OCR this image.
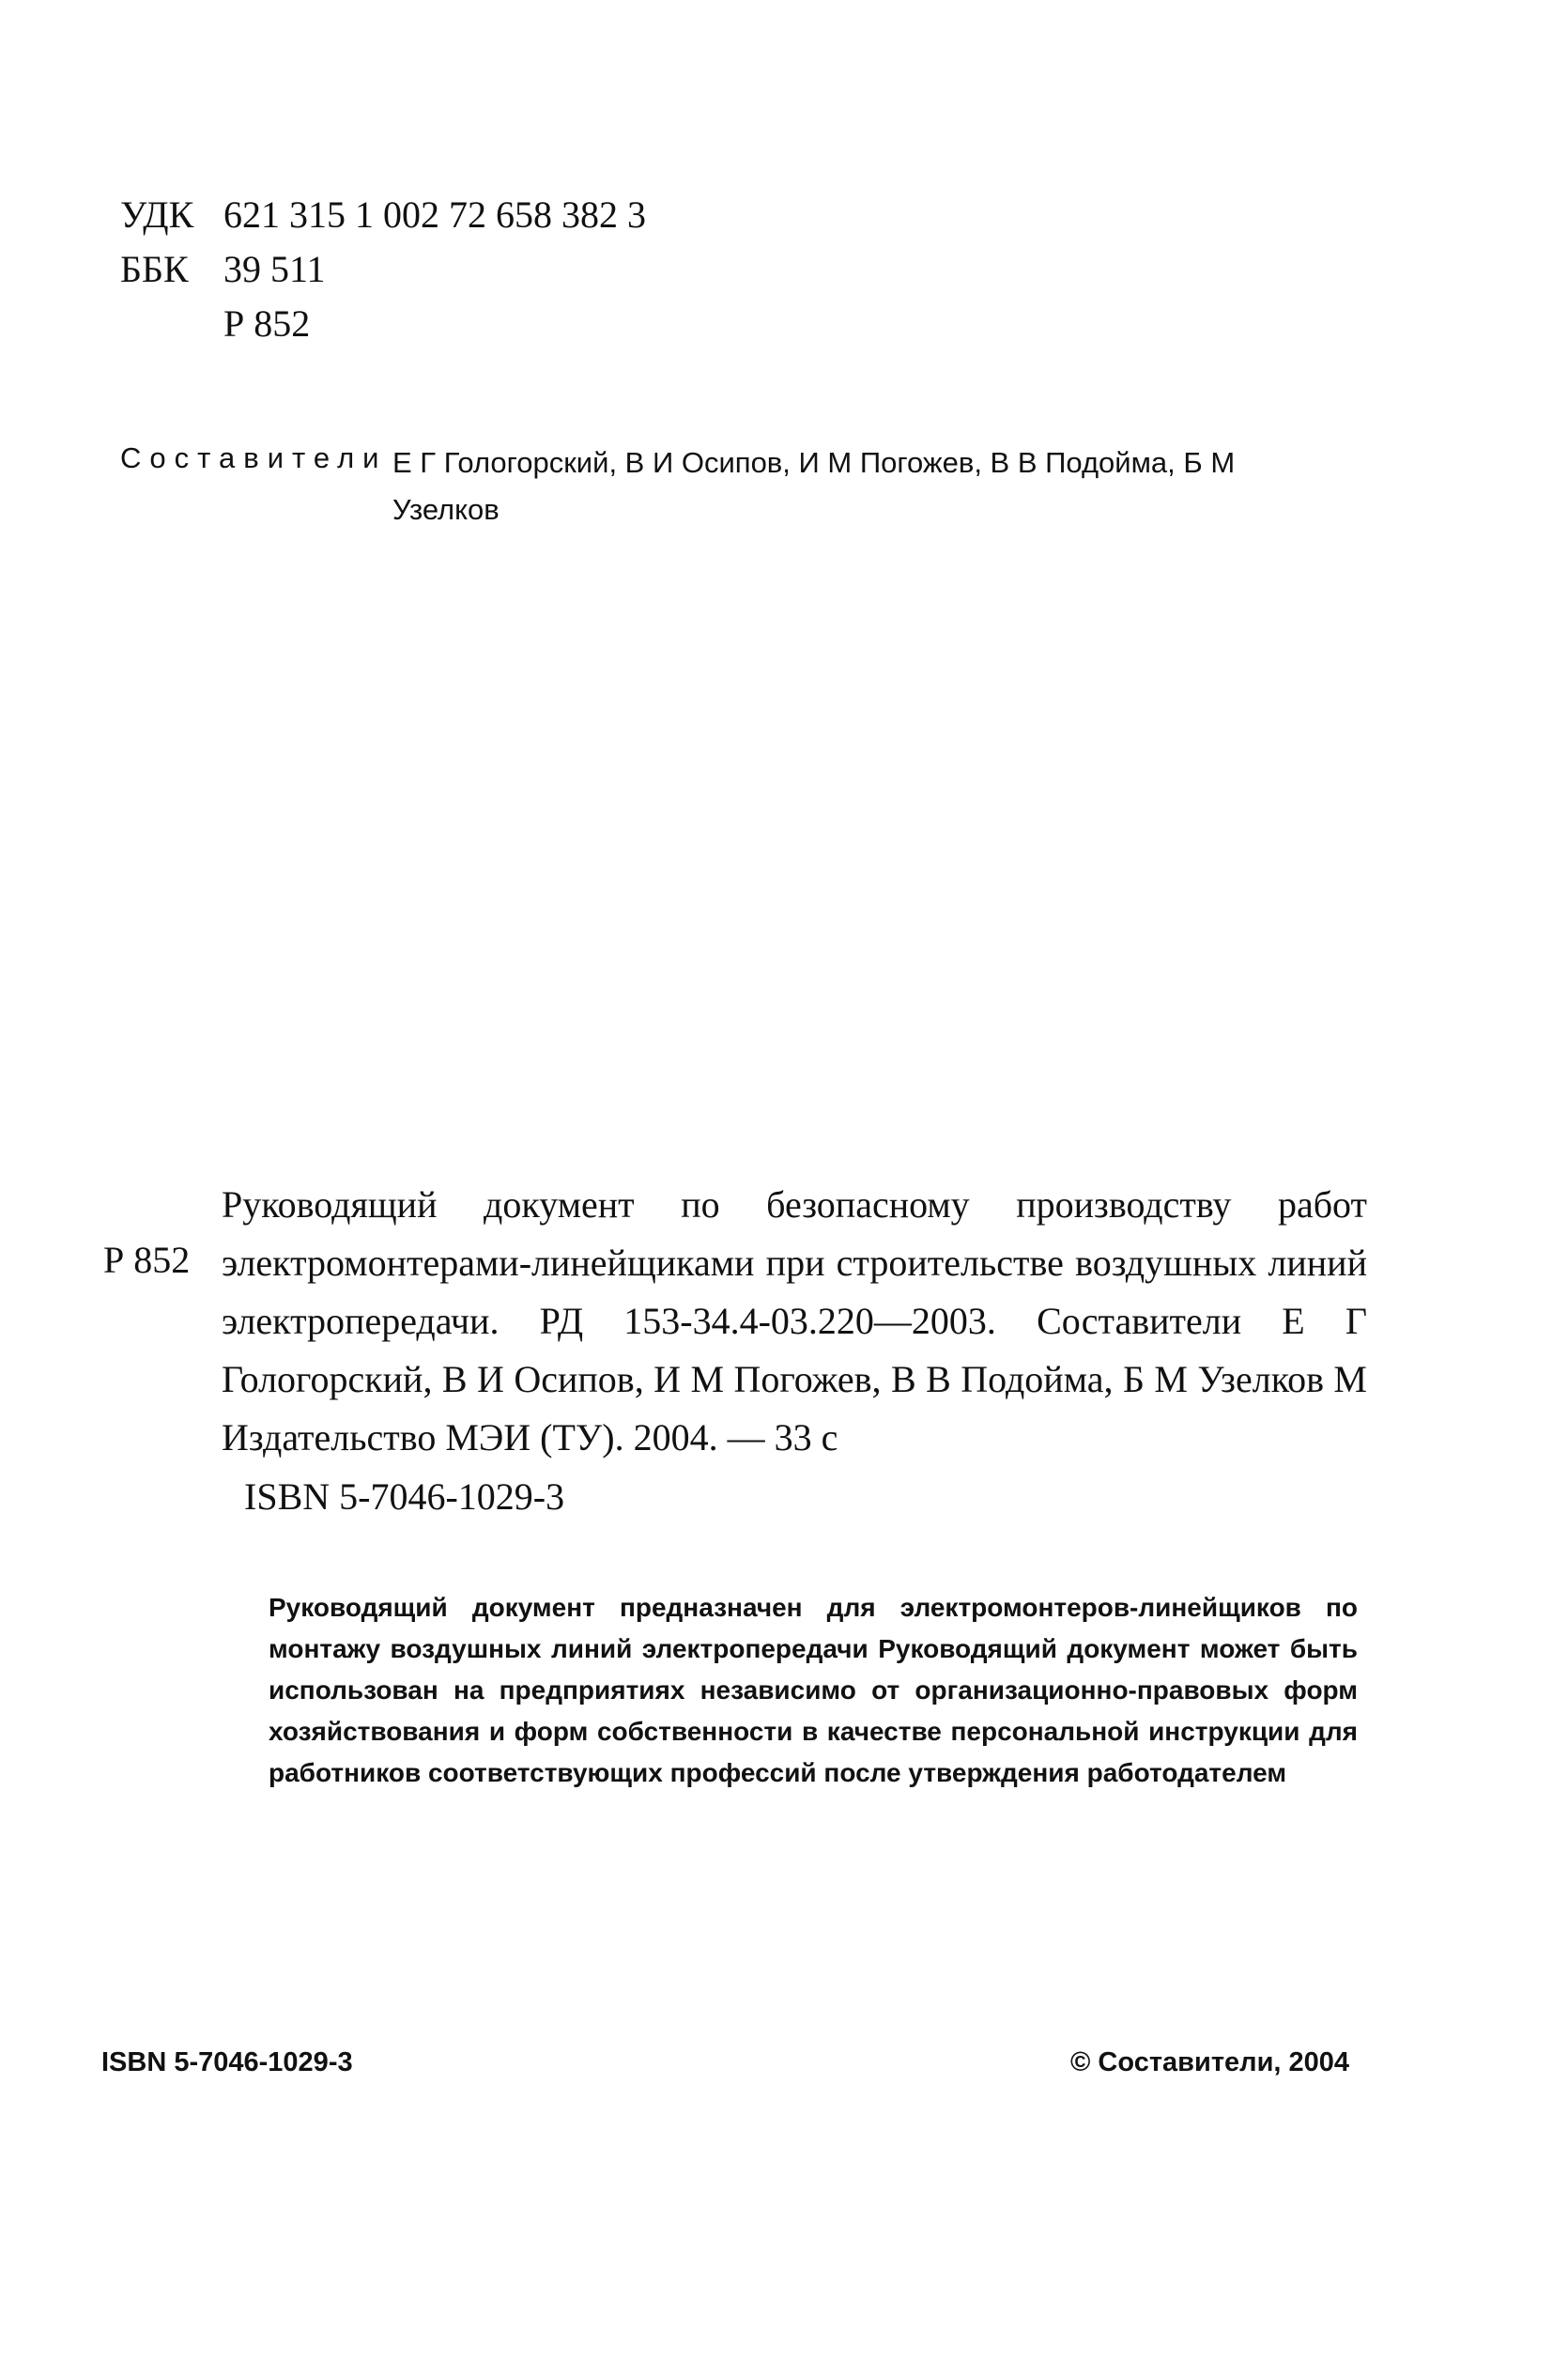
УДК 621 315 1 002 72 658 382 3
ББК 39 511
Р 852
Составители Е Г Гологорский, В И Осипов, И М Погожев, В В Подойма, Б М Узелков
Р 852

Руководящий документ по безопасному производству работ электромонтерами-линейщиками при строительстве воздушных линий электропередачи. РД 153-34.4-03.220—2003. Составители Е Г Гологорский, В И Осипов, И М Погожев, В В Подойма, Б М Узелков М Издательство МЭИ (ТУ). 2004. — 33 с

ISBN 5-7046-1029-3

Руководящий документ предназначен для электромонтеров-линейщиков по монтажу воздушных линий электропередачи Руководящий документ может быть использован на предприятиях независимо от организационно-правовых форм хозяйствования и форм собственности в качестве персональной инструкции для работников соответствующих профессий после утверждения работодателем

ISBN 5-7046-1029-3	© Составители, 2004
